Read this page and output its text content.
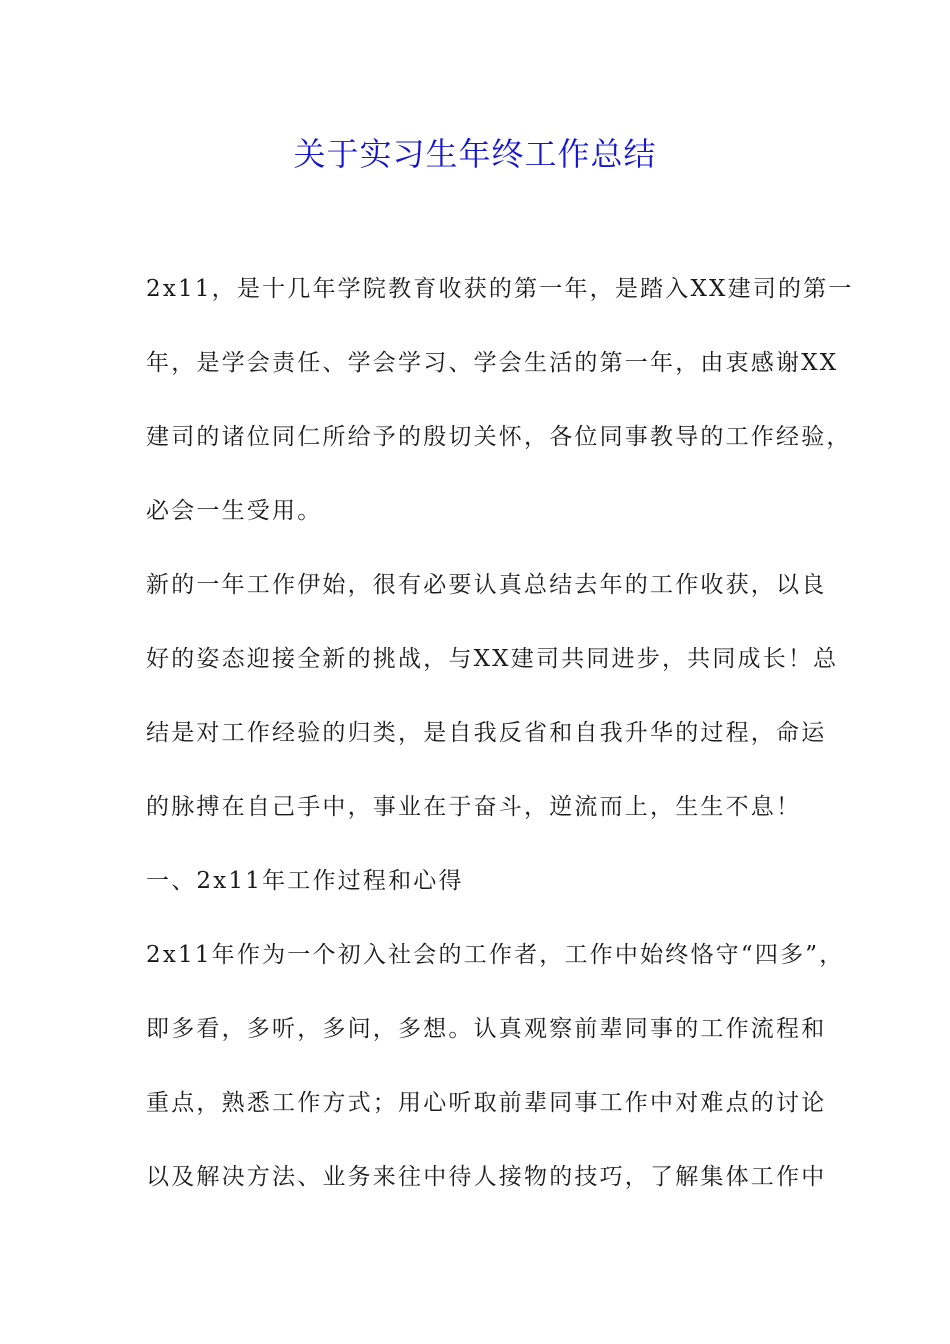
关于实习生年终工作总结
2x11，是十几年学院教育收获的第一年，是踏入XX建司的第一
年，是学会责任、学会学习、学会生活的第一年，由衷感谢XX
建司的诸位同仁所给予的殷切关怀，各位同事教导的工作经验，
必会一生受用。
新的一年工作伊始，很有必要认真总结去年的工作收获，以良
好的姿态迎接全新的挑战，与XX建司共同进步，共同成长！总
结是对工作经验的归类，是自我反省和自我升华的过程，命运
的脉搏在自己手中，事业在于奋斗，逆流而上，生生不息！
一、2x11年工作过程和心得
2x11年作为一个初入社会的工作者，工作中始终恪守“四多”，
即多看，多听，多问，多想。认真观察前辈同事的工作流程和
重点，熟悉工作方式；用心听取前辈同事工作中对难点的讨论
以及解决方法、业务来往中待人接物的技巧，了解集体工作中
